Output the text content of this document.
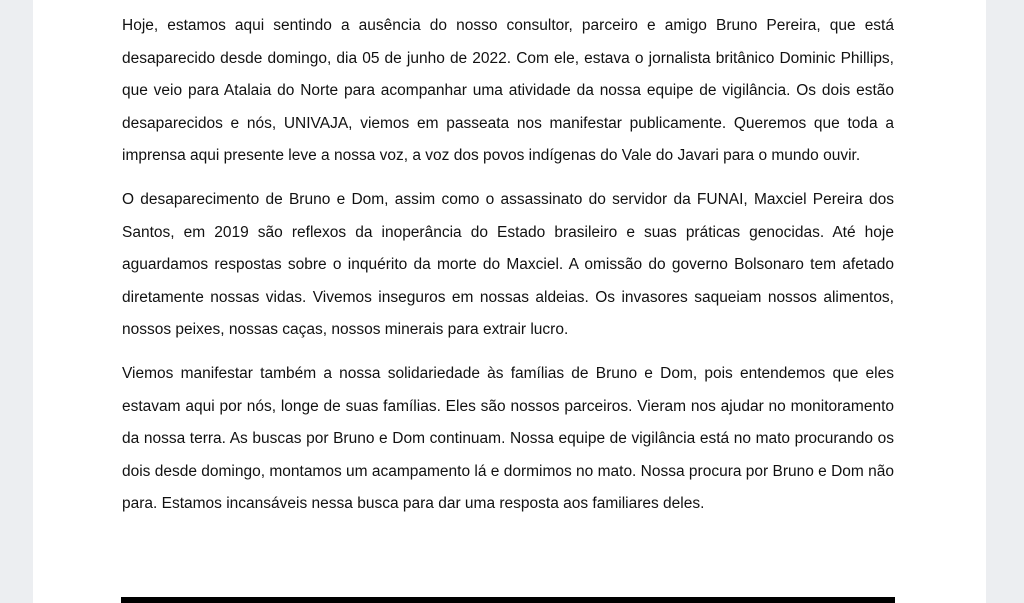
Hoje, estamos aqui sentindo a ausência do nosso consultor, parceiro e amigo Bruno Pereira, que está desaparecido desde domingo, dia 05 de junho de 2022. Com ele, estava o jornalista britânico Dominic Phillips, que veio para Atalaia do Norte para acompanhar uma atividade da nossa equipe de vigilância. Os dois estão desaparecidos e nós, UNIVAJA, viemos em passeata nos manifestar publicamente. Queremos que toda a imprensa aqui presente leve a nossa voz, a voz dos povos indígenas do Vale do Javari para o mundo ouvir.

O desaparecimento de Bruno e Dom, assim como o assassinato do servidor da FUNAI, Maxciel Pereira dos Santos, em 2019 são reflexos da inoperância do Estado brasileiro e suas práticas genocidas. Até hoje aguardamos respostas sobre o inquérito da morte do Maxciel. A omissão do governo Bolsonaro tem afetado diretamente nossas vidas. Vivemos inseguros em nossas aldeias. Os invasores saqueiam nossos alimentos, nossos peixes, nossas caças, nossos minerais para extrair lucro.

Viemos manifestar também a nossa solidariedade às famílias de Bruno e Dom, pois entendemos que eles estavam aqui por nós, longe de suas famílias. Eles são nossos parceiros. Vieram nos ajudar no monitoramento da nossa terra. As buscas por Bruno e Dom continuam. Nossa equipe de vigilância está no mato procurando os dois desde domingo, montamos um acampamento lá e dormimos no mato. Nossa procura por Bruno e Dom não para. Estamos incansáveis nessa busca para dar uma resposta aos familiares deles.
